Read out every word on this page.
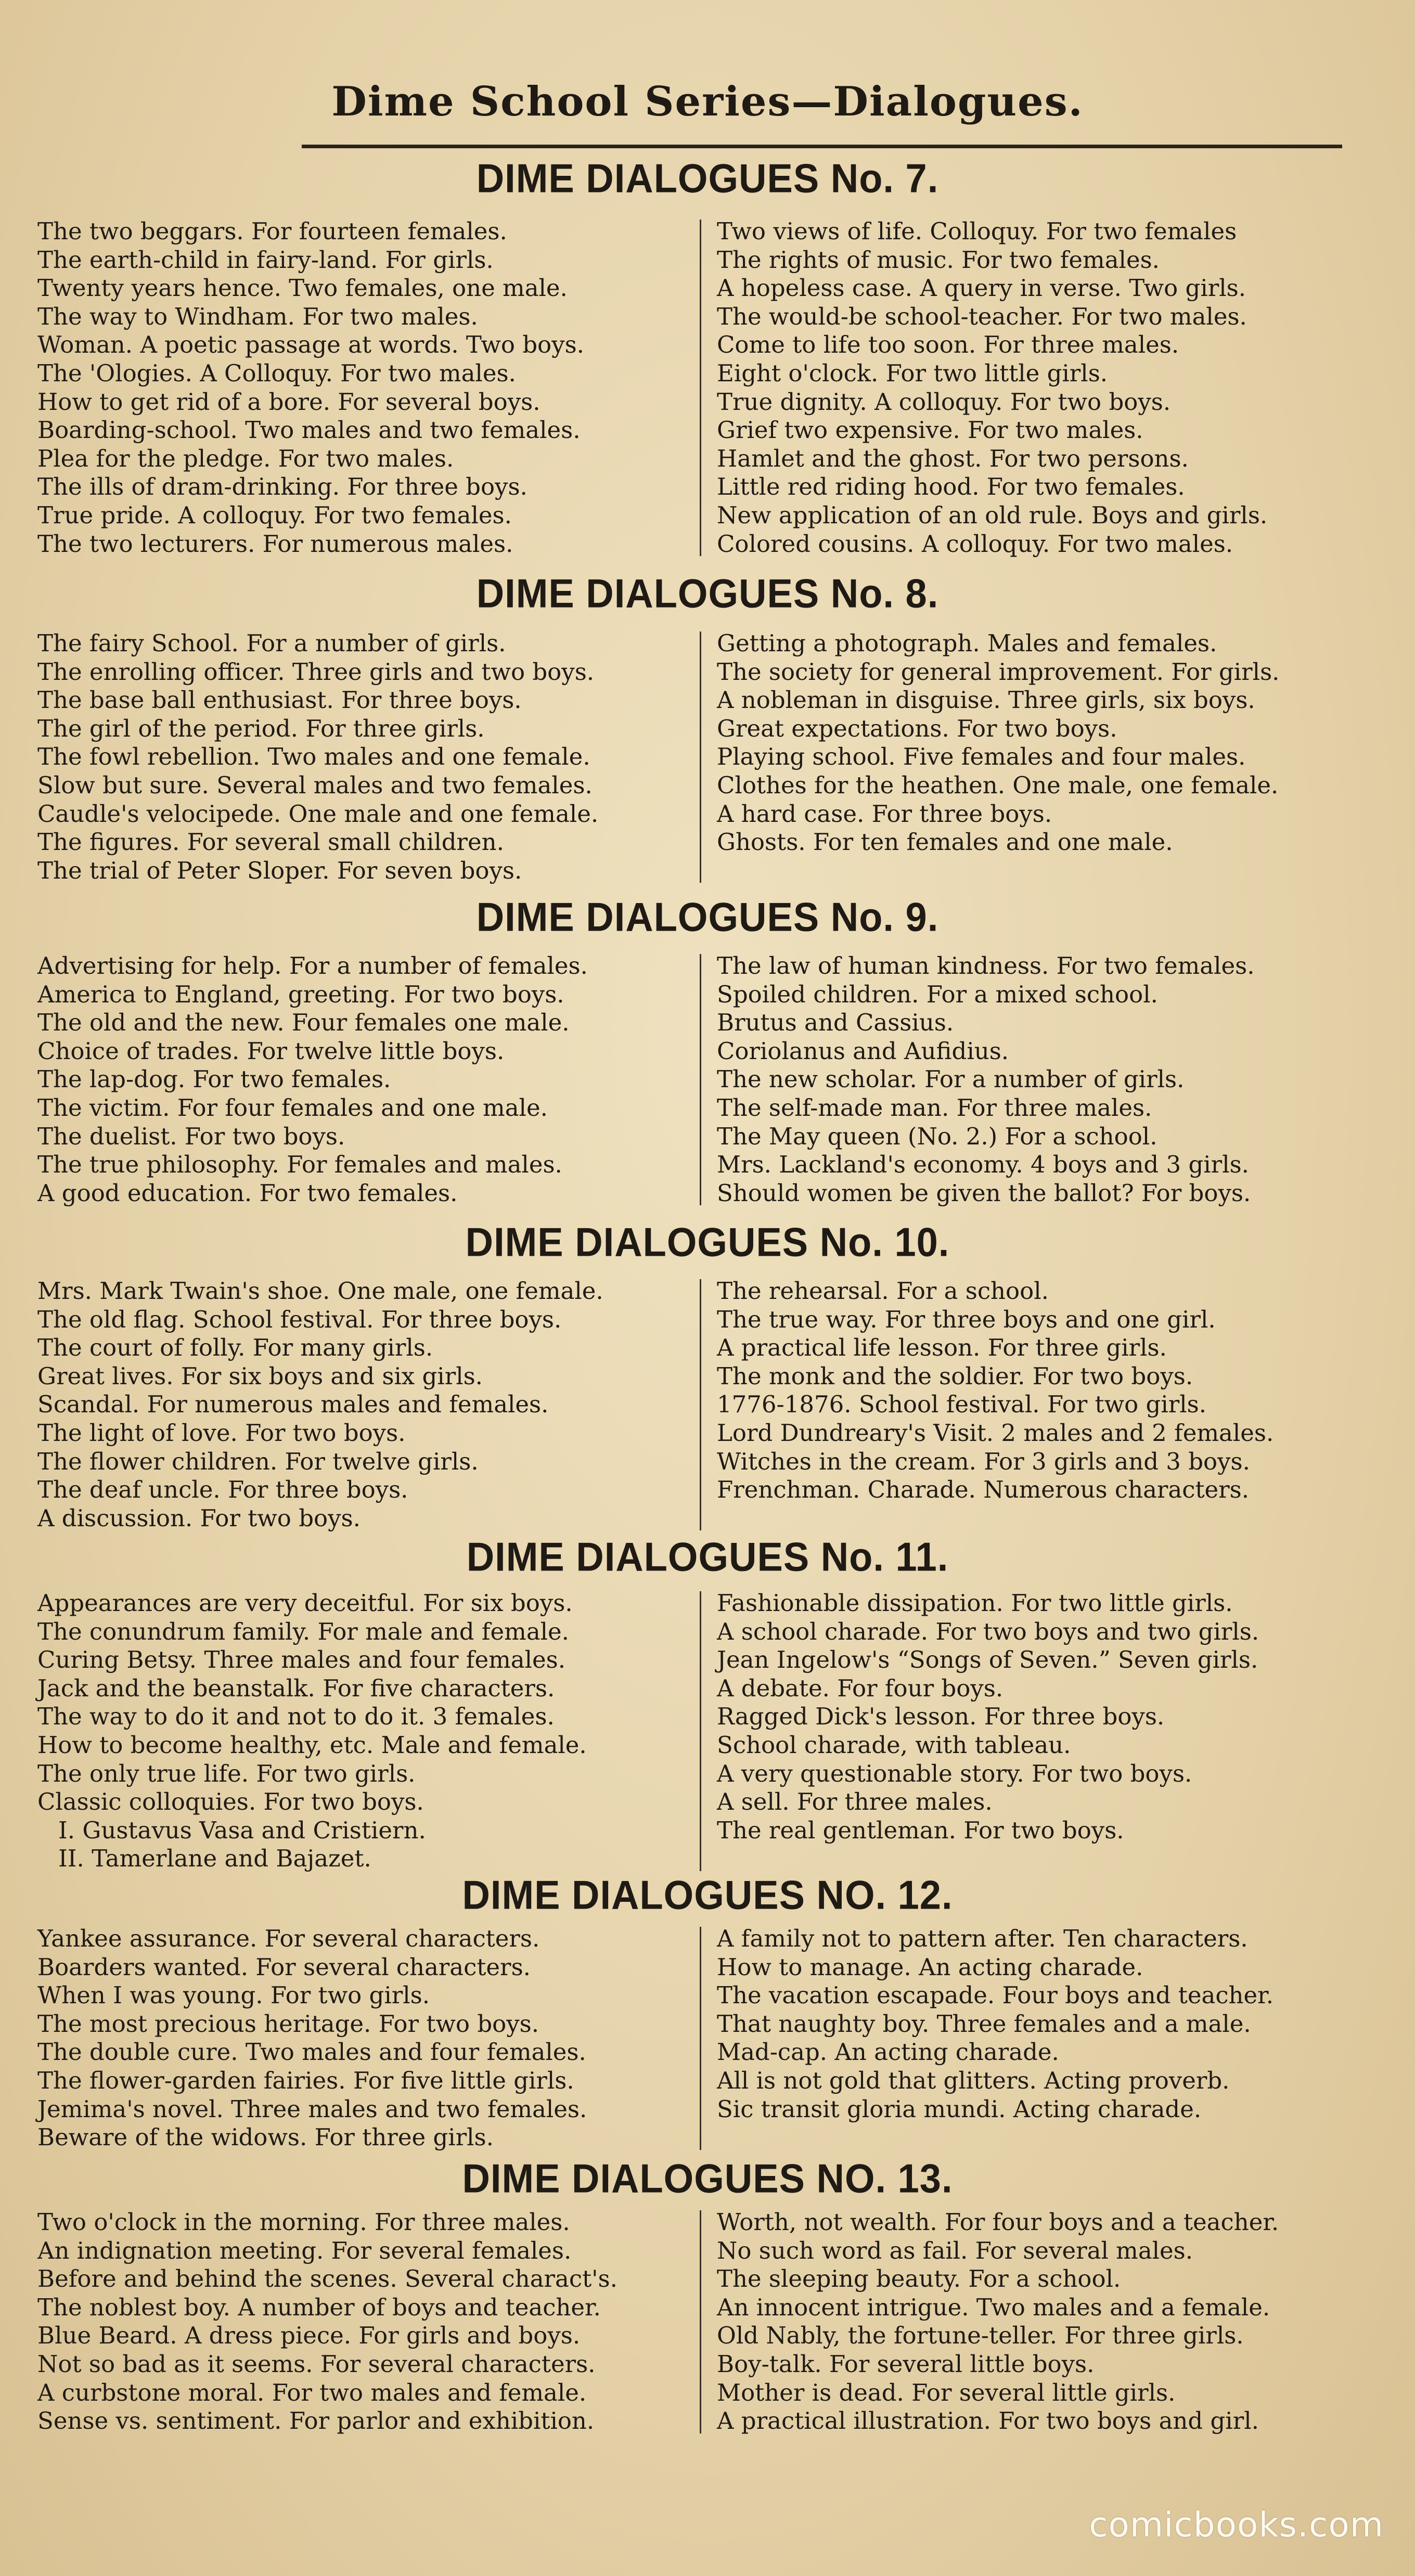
Dime School Series—Dialogues.
DIME DIALOGUES No. 7.
The two beggars. For fourteen females.
The earth-child in fairy-land. For girls.
Twenty years hence. Two females, one male.
The way to Windham. For two males.
Woman. A poetic passage at words. Two boys.
The 'Ologies. A Colloquy. For two males.
How to get rid of a bore. For several boys.
Boarding-school. Two males and two females.
Plea for the pledge. For two males.
The ills of dram-drinking. For three boys.
True pride. A colloquy. For two females.
The two lecturers. For numerous males.
Two views of life. Colloquy. For two females
The rights of music. For two females.
A hopeless case. A query in verse. Two girls.
The would-be school-teacher. For two males.
Come to life too soon. For three males.
Eight o'clock. For two little girls.
True dignity. A colloquy. For two boys.
Grief two expensive. For two males.
Hamlet and the ghost. For two persons.
Little red riding hood. For two females.
New application of an old rule. Boys and girls.
Colored cousins. A colloquy. For two males.
DIME DIALOGUES No. 8.
The fairy School. For a number of girls.
The enrolling officer. Three girls and two boys.
The base ball enthusiast. For three boys.
The girl of the period. For three girls.
The fowl rebellion. Two males and one female.
Slow but sure. Several males and two females.
Caudle's velocipede. One male and one female.
The figures. For several small children.
The trial of Peter Sloper. For seven boys.
Getting a photograph. Males and females.
The society for general improvement. For girls.
A nobleman in disguise. Three girls, six boys.
Great expectations. For two boys.
Playing school. Five females and four males.
Clothes for the heathen. One male, one female.
A hard case. For three boys.
Ghosts. For ten females and one male.
DIME DIALOGUES No. 9.
Advertising for help. For a number of females.
America to England, greeting. For two boys.
The old and the new. Four females one male.
Choice of trades. For twelve little boys.
The lap-dog. For two females.
The victim. For four females and one male.
The duelist. For two boys.
The true philosophy. For females and males.
A good education. For two females.
The law of human kindness. For two females.
Spoiled children. For a mixed school.
Brutus and Cassius.
Coriolanus and Aufidius.
The new scholar. For a number of girls.
The self-made man. For three males.
The May queen (No. 2.) For a school.
Mrs. Lackland's economy. 4 boys and 3 girls.
Should women be given the ballot? For boys.
DIME DIALOGUES No. 10.
Mrs. Mark Twain's shoe. One male, one female.
The old flag. School festival. For three boys.
The court of folly. For many girls.
Great lives. For six boys and six girls.
Scandal. For numerous males and females.
The light of love. For two boys.
The flower children. For twelve girls.
The deaf uncle. For three boys.
A discussion. For two boys.
The rehearsal. For a school.
The true way. For three boys and one girl.
A practical life lesson. For three girls.
The monk and the soldier. For two boys.
1776-1876. School festival. For two girls.
Lord Dundreary's Visit. 2 males and 2 females.
Witches in the cream. For 3 girls and 3 boys.
Frenchman. Charade. Numerous characters.
DIME DIALOGUES No. 11.
Appearances are very deceitful. For six boys.
The conundrum family. For male and female.
Curing Betsy. Three males and four females.
Jack and the beanstalk. For five characters.
The way to do it and not to do it. 3 females.
How to become healthy, etc. Male and female.
The only true life. For two girls.
Classic colloquies. For two boys.
I. Gustavus Vasa and Cristiern.
II. Tamerlane and Bajazet.
Fashionable dissipation. For two little girls.
A school charade. For two boys and two girls.
Jean Ingelow's “Songs of Seven.” Seven girls.
A debate. For four boys.
Ragged Dick's lesson. For three boys.
School charade, with tableau.
A very questionable story. For two boys.
A sell. For three males.
The real gentleman. For two boys.
DIME DIALOGUES NO. 12.
Yankee assurance. For several characters.
Boarders wanted. For several characters.
When I was young. For two girls.
The most precious heritage. For two boys.
The double cure. Two males and four females.
The flower-garden fairies. For five little girls.
Jemima's novel. Three males and two females.
Beware of the widows. For three girls.
A family not to pattern after. Ten characters.
How to manage. An acting charade.
The vacation escapade. Four boys and teacher.
That naughty boy. Three females and a male.
Mad-cap. An acting charade.
All is not gold that glitters. Acting proverb.
Sic transit gloria mundi. Acting charade.
DIME DIALOGUES NO. 13.
Two o'clock in the morning. For three males.
An indignation meeting. For several females.
Before and behind the scenes. Several charact's.
The noblest boy. A number of boys and teacher.
Blue Beard. A dress piece. For girls and boys.
Not so bad as it seems. For several characters.
A curbstone moral. For two males and female.
Sense vs. sentiment. For parlor and exhibition.
Worth, not wealth. For four boys and a teacher.
No such word as fail. For several males.
The sleeping beauty. For a school.
An innocent intrigue. Two males and a female.
Old Nably, the fortune-teller. For three girls.
Boy-talk. For several little boys.
Mother is dead. For several little girls.
A practical illustration. For two boys and girl.
comicbooks.com
